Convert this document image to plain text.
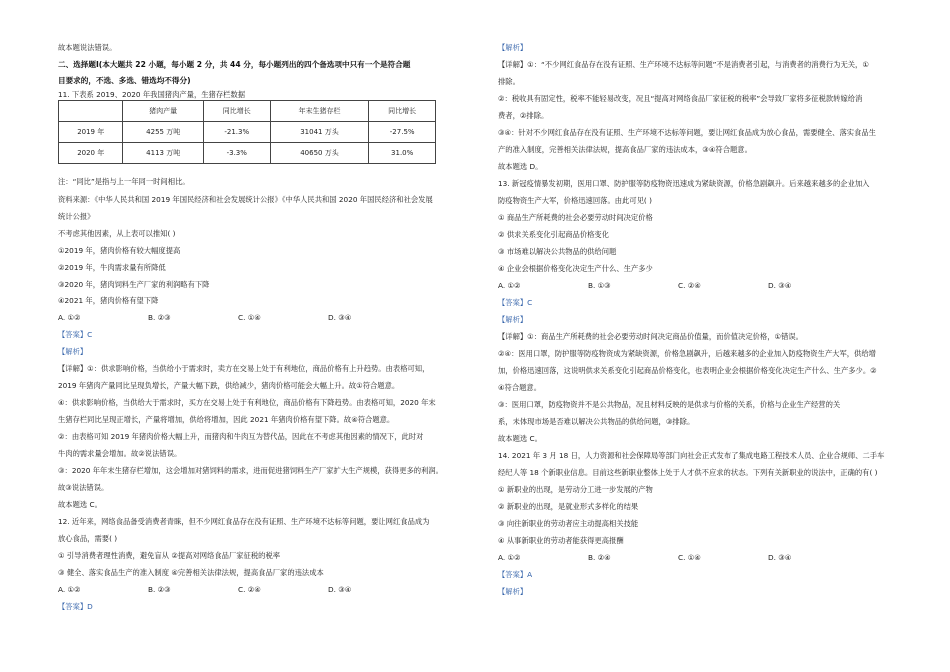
故本题说法错误。
二、选择题Ⅰ(本大题共 22 小题，每小题 2 分，共 44 分，每小题列出的四个备选项中只有一个是符合题
目要求的，不选、多选、错选均不得分)
11. 下表系 2019、2020 年我国猪肉产量，生猪存栏数据
	猪肉产量	同比增长	年末生猪存栏	同比增长
2019 年	4255 万吨	-21.3%	31041 万头	-27.5%
2020 年	4113 万吨	-3.3%	40650 万头	31.0%
注：“同比”是指与上一年同一时间相比。
资料来源：《中华人民共和国 2019 年国民经济和社会发展统计公报》《中华人民共和国 2020 年国民经济和社会发展
统计公报》
不考虑其他因素，从上表可以推知( )
①2019 年，猪肉价格有较大幅度提高
②2019 年，牛肉需求量有所降低
③2020 年，猪肉饲料生产厂家的利润略有下降
④2021 年，猪肉价格有望下降
A. ①②	B. ②③	C. ①④	D. ③④
【答案】C
【解析】
【详解】①：供求影响价格，当供给小于需求时，卖方在交易上处于有利地位，商品价格有上升趋势。由表格可知，
2019 年猪肉产量同比呈现负增长，产量大幅下跌，供给减少，猪肉价格可能会大幅上升。故①符合题意。
④：供求影响价格，当供给大于需求时，买方在交易上处于有利地位，商品价格有下降趋势。由表格可知，2020 年末
生猪存栏同比呈现正增长，产量将增加，供给将增加，因此 2021 年猪肉价格有望下降。故④符合题意。
②：由表格可知 2019 年猪肉价格大幅上升，而猪肉和牛肉互为替代品，因此在不考虑其他因素的情况下，此时对
牛肉的需求量会增加。故②说法错误。
③：2020 年年末生猪存栏增加，这会增加对猪饲料的需求，进而促进猪饲料生产厂家扩大生产规模，获得更多的利润。
故③说法错误。
故本题选 C。
12. 近年来，网络食品备受消费者青睐，但不少网红食品存在没有证照、生产环境不达标等问题，要让网红食品成为
放心食品，需要( )
① 引导消费者理性消费，避免盲从 ②提高对网络食品厂家征税的税率
③ 健全、落实食品生产的准入制度 ④完善相关法律法规，提高食品厂家的违法成本
A. ①②	B. ②③	C. ②④	D. ③④
【答案】D
【解析】
【详解】①：“不少网红食品存在没有证照、生产环境不达标等问题”不是消费者引起，与消费者的消费行为无关，①
排除。
②：税收具有固定性，税率不能轻易改变，况且“提高对网络食品厂家征税的税率”会导致厂家将多征税款转嫁给消
费者，②排除。
③④：针对不少网红食品存在没有证照、生产环境不达标等问题，要让网红食品成为放心食品，需要健全、落实食品生
产的准入制度，完善相关法律法规，提高食品厂家的违法成本，③④符合题意。
故本题选 D。
13. 新冠疫情暴发初期，医用口罩、防护服等防疫物资迅速成为紧缺资源，价格急剧飙升。后来越来越多的企业加入
防疫物资生产大军，价格迅速回落。由此可见( )
① 商品生产所耗费的社会必要劳动时间决定价格
② 供求关系变化引起商品价格变化
③ 市场难以解决公共物品的供给问题
④ 企业会根据价格变化决定生产什么、生产多少
A. ①②	B. ①③	C. ②④	D. ③④
【答案】C
【解析】
【详解】①：商品生产所耗费的社会必要劳动时间决定商品价值量，而价值决定价格，①错误。
②④：医用口罩，防护服等防疫物资成为紧缺资源，价格急剧飙升，后越来越多的企业加入防疫物资生产大军，供给增
加，价格迅速回落，这说明供求关系变化引起商品价格变化，也表明企业会根据价格变化决定生产什么、生产多少。②
④符合题意。
③：医用口罩，防疫物资并不是公共物品，况且材料反映的是供求与价格的关系，价格与企业生产经营的关
系，未体现市场是否难以解决公共物品的供给问题，③排除。
故本题选 C。
14. 2021 年 3 月 18 日，人力资源和社会保障局等部门向社会正式发布了集成电路工程技术人员、企业合规师、二手车
经纪人等 18 个新职业信息。目前这些新职业整体上处于人才供不应求的状态。下列有关新职业的说法中，正确的有( )
① 新职业的出现，是劳动分工进一步发展的产物
② 新职业的出现，是就业形式多样化的结果
③ 向往新职业的劳动者应主动提高相关技能
④ 从事新职业的劳动者能获得更高报酬
A. ①②	B. ②④	C. ①④	D. ③④
【答案】A
【解析】
